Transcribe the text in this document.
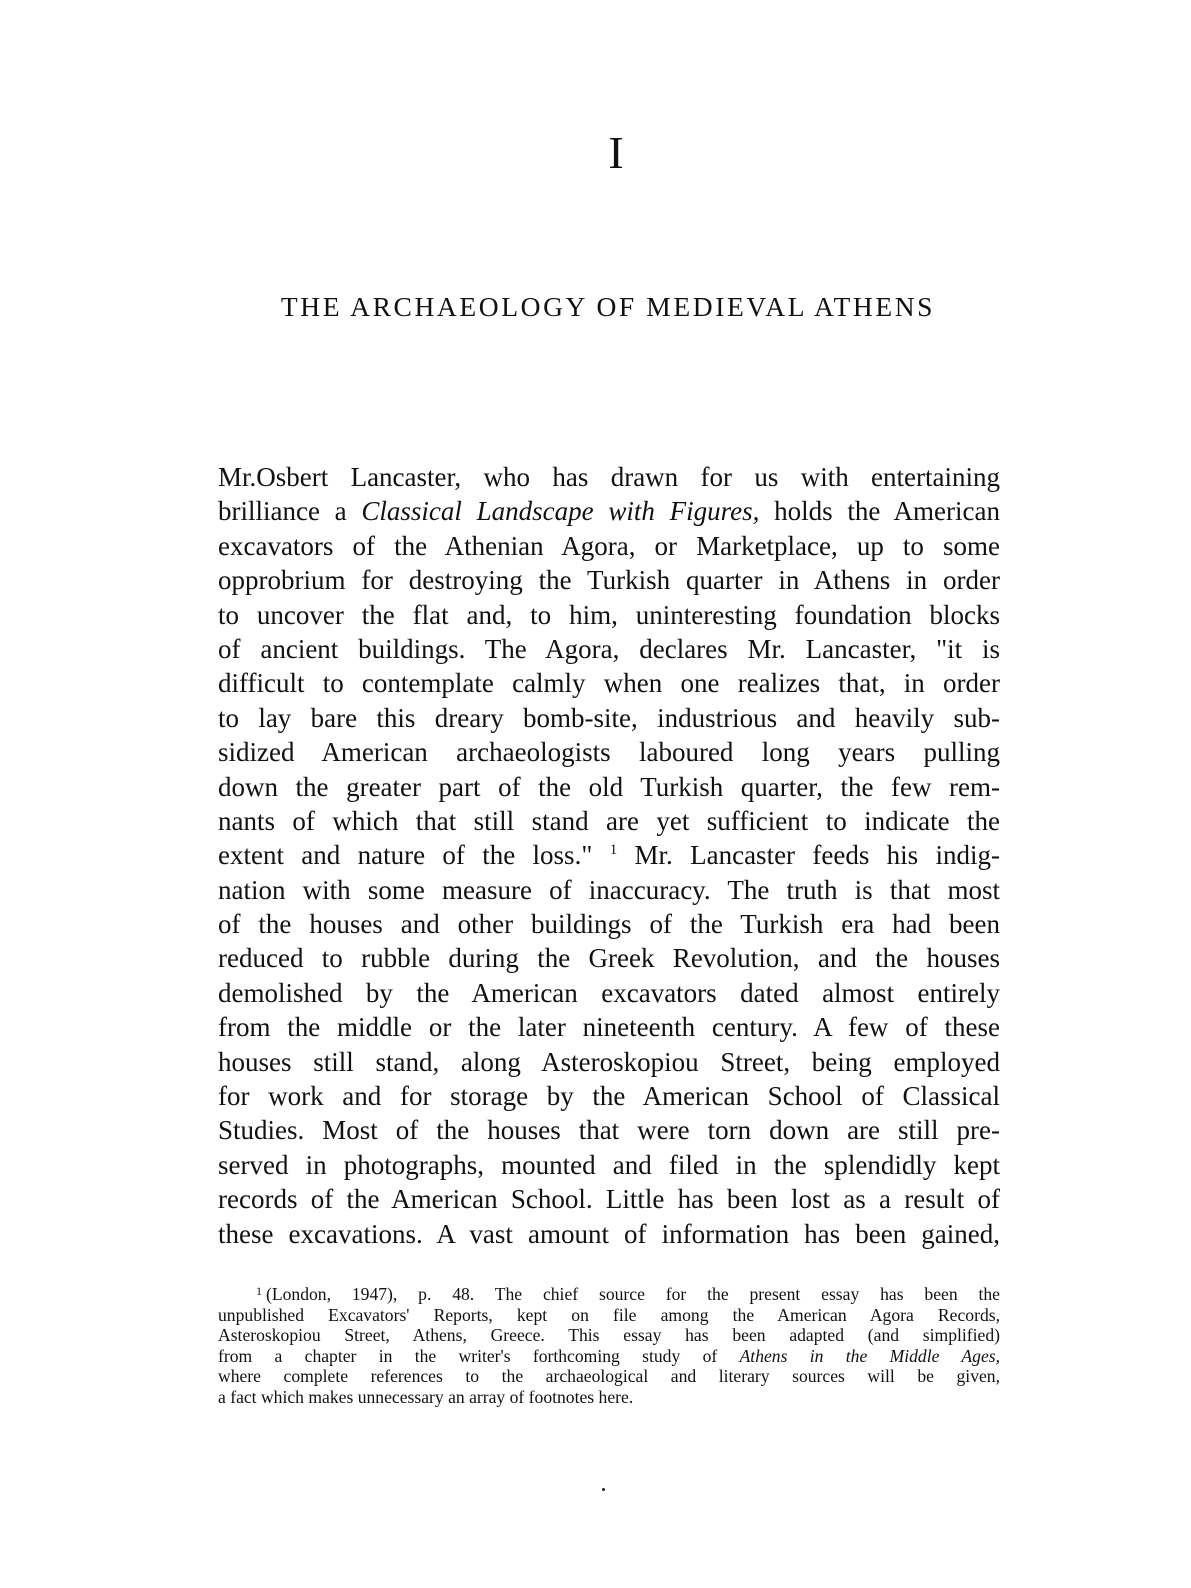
I
THE ARCHAEOLOGY OF MEDIEVAL ATHENS
Mr.Osbert Lancaster, who has drawn for us with entertaining
brilliance a Classical Landscape with Figures, holds the American
excavators of the Athenian Agora, or Marketplace, up to some
opprobrium for destroying the Turkish quarter in Athens in order
to uncover the flat and, to him, uninteresting foundation blocks
of ancient buildings. The Agora, declares Mr. Lancaster, "it is
difficult to contemplate calmly when one realizes that, in order
to lay bare this dreary bomb-site, industrious and heavily sub-
sidized American archaeologists laboured long years pulling
down the greater part of the old Turkish quarter, the few rem-
nants of which that still stand are yet sufficient to indicate the
extent and nature of the loss." $^1$ Mr. Lancaster feeds his indig-
nation with some measure of inaccuracy. The truth is that most
of the houses and other buildings of the Turkish era had been
reduced to rubble during the Greek Revolution, and the houses
demolished by the American excavators dated almost entirely
from the middle or the later nineteenth century. A few of these
houses still stand, along Asteroskopiou Street, being employed
for work and for storage by the American School of Classical
Studies. Most of the houses that were torn down are still pre-
served in photographs, mounted and filed in the splendidly kept
records of the American School. Little has been lost as a result of
these excavations. A vast amount of information has been gained,
$^1$ (London, 1947), p. 48. The chief source for the present essay has been the
unpublished Excavators' Reports, kept on file among the American Agora Records,
Asteroskopiou Street, Athens, Greece. This essay has been adapted (and simplified)
from a chapter in the writer's forthcoming study of Athens in the Middle Ages,
where complete references to the archaeological and literary sources will be given,
a fact which makes unnecessary an array of footnotes here.
